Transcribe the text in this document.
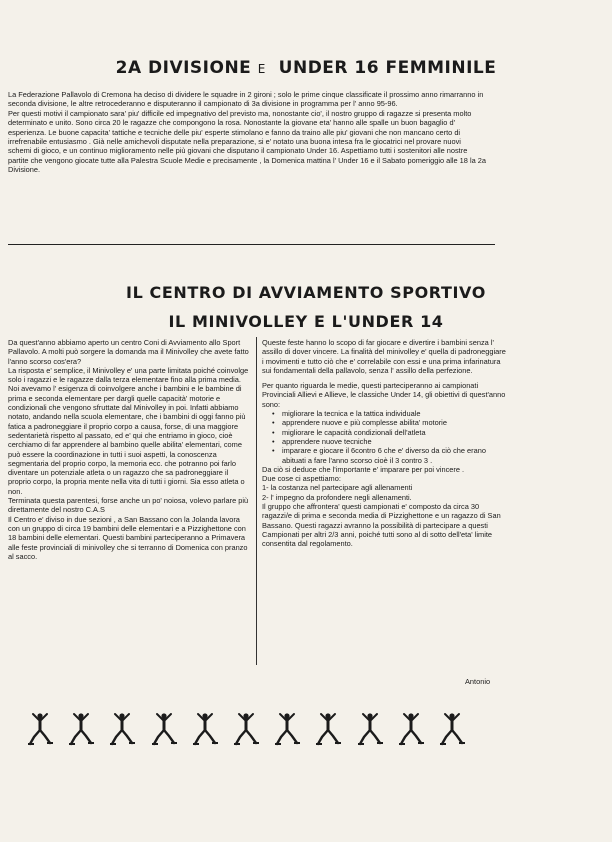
2A DIVISIONE E UNDER 16 FEMMINILE

La Federazione Pallavolo di Cremona ha deciso di dividere le squadre in 2 gironi ; solo le prime cinque classificate il prossimo anno rimarranno in seconda divisione, le altre retrocederanno e disputeranno il campionato di 3a divisione in programma per l' anno 95-96.

Per questi motivi il campionato sara' piu' difficile ed impegnativo del previsto ma, nonostante cio', il nostro gruppo di ragazze si presenta molto determinato e unito. Sono circa 20 le ragazze che compongono la rosa. Nonostante la giovane eta' hanno alle spalle un buon bagaglio d' esperienza. Le buone capacita' tattiche e tecniche delle piu' esperte stimolano e fanno da traino alle piu' giovani che non mancano certo di irrefrenabile entusiasmo . Già nelle amichevoli disputate nella preparazione, si e' notato una buona intesa fra le giocatrici nel provare nuovi schemi di gioco, e un continuo miglioramento nelle più giovani che disputano il campionato Under 16. Aspettiamo tutti i sostenitori alle nostre partite che vengono giocate tutte alla Palestra Scuole Medie e precisamente , la Domenica mattina l' Under 16 e il Sabato pomeriggio alle 18 la 2a Divisione.

IL CENTRO DI AVVIAMENTO SPORTIVO
IL MINIVOLLEY E L'UNDER 14

Da quest'anno abbiamo aperto un centro Coni di Avviamento allo Sport Pallavolo. A molti può sorgere la domanda ma il Minivolley che avete fatto l'anno scorso cos'era?

La risposta e' semplice, il Minivolley e' una parte limitata poiché coinvolge solo i ragazzi e le ragazze dalla terza elementare fino alla prima media. Noi avevamo l' esigenza di coinvolgere anche i bambini e le bambine di prima e seconda elementare per dargli quelle capacità' motorie e condizionali che vengono sfruttate dal Minivolley in poi. Infatti abbiamo notato, andando nella scuola elementare, che i bambini di oggi fanno più fatica a padroneggiare il proprio corpo a causa, forse, di una maggiore sedentarietà rispetto al passato, ed e' qui che entriamo in gioco, cioè cerchiamo di far apprendere al bambino quelle abilita' elementari, come può essere la coordinazione in tutti i suoi aspetti, la conoscenza segmentaria del proprio corpo, la memoria ecc. che potranno poi farlo diventare un potenziale atleta o un ragazzo che sa padroneggiare il proprio corpo, la propria mente nella vita di tutti i giorni. Sia esso atleta o non.

Terminata questa parentesi, forse anche un po' noiosa, volevo parlare più direttamente del nostro C.A.S

Il Centro e' diviso in due sezioni , a San Bassano con la Jolanda lavora con un gruppo di circa 19 bambini delle elementari e a Pizzighettone con 18 bambini delle elementari. Questi bambini parteciperanno a Primavera alle feste provinciali di minivolley che si terranno di Domenica con pranzo al sacco.

Queste feste hanno lo scopo di far giocare e divertire i bambini senza l' assillo di dover vincere. La finalità del minivolley e' quella di padroneggiare i movimenti e tutto ciò che e' correlabile con essi e una prima infarinatura sui fondamentali della pallavolo, senza l' assillo della perfezione.

Per quanto riguarda le medie, questi parteciperanno ai campionati Provinciali Allievi e Allieve, le classiche Under 14, gli obiettivi di quest'anno sono:

• migliorare la tecnica e la tattica individuale
• apprendere nuove e più complesse abilita' motorie
• migliorare le capacità condizionali dell'atleta
• apprendere nuove tecniche
• imparare e giocare il 6contro 6 che e' diverso da ciò che erano abituati a fare l'anno scorso cioè il 3 contro 3 .

Da ciò si deduce che l'importante e' imparare per poi vincere .

Due cose ci aspettiamo:

1- la costanza nel partecipare agli allenamenti

2- l' impegno da profondere negli allenamenti.

Il gruppo che affrontera' questi campionati e' composto da circa 30 ragazzi/e di prima e seconda media di Pizzighettone e un ragazzo di San Bassano. Questi ragazzi avranno la possibilità di partecipare a questi Campionati per altri 2/3 anni, poiché tutti sono al di sotto dell'eta' limite consentita dal regolamento.

Antonio
